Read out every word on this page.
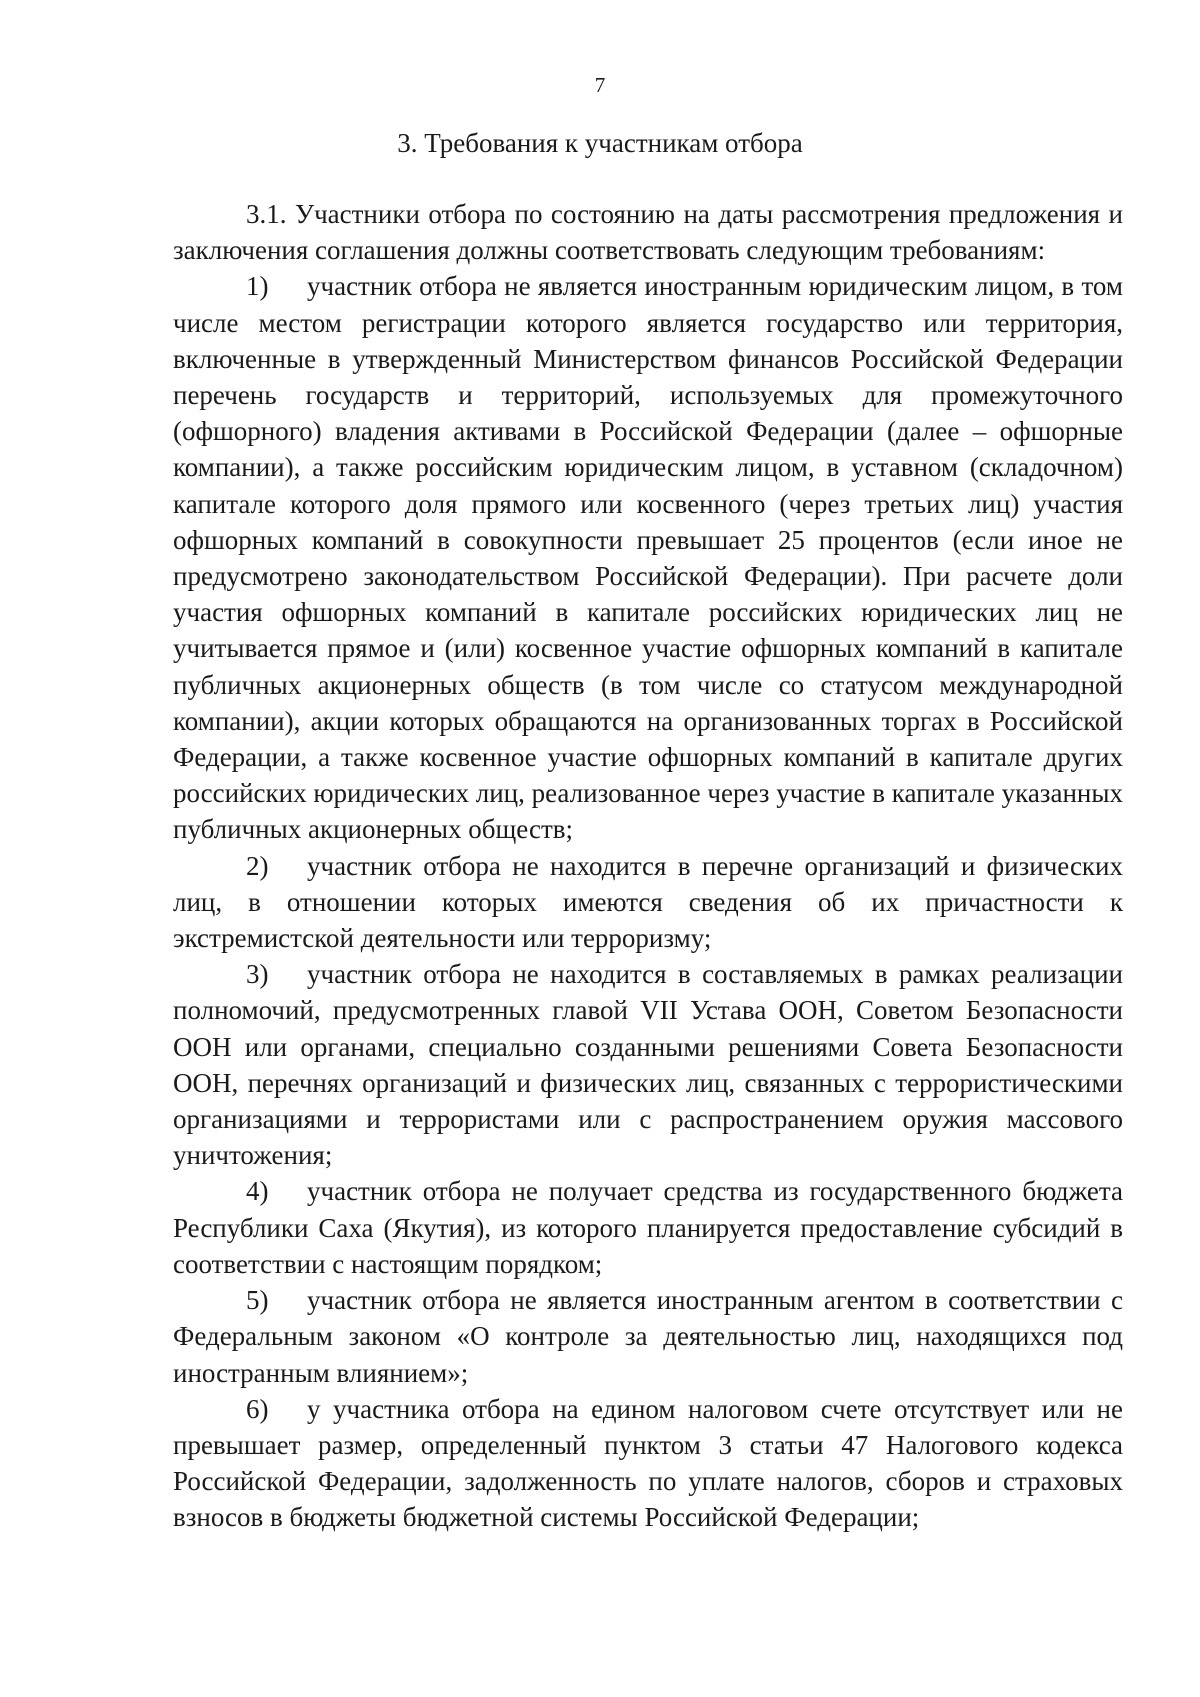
7
3. Требования к участникам отбора

3.1. Участники отбора по состоянию на даты рассмотрения предложения и заключения соглашения должны соответствовать следующим требованиям:

1) участник отбора не является иностранным юридическим лицом, в том числе местом регистрации которого является государство или территория, включенные в утвержденный Министерством финансов Российской Федерации перечень государств и территорий, используемых для промежуточного (офшорного) владения активами в Российской Федерации (далее – офшорные компании), а также российским юридическим лицом, в уставном (складочном) капитале которого доля прямого или косвенного (через третьих лиц) участия офшорных компаний в совокупности превышает 25 процентов (если иное не предусмотрено законодательством Российской Федерации). При расчете доли участия офшорных компаний в капитале российских юридических лиц не учитывается прямое и (или) косвенное участие офшорных компаний в капитале публичных акционерных обществ (в том числе со статусом международной компании), акции которых обращаются на организованных торгах в Российской Федерации, а также косвенное участие офшорных компаний в капитале других российских юридических лиц, реализованное через участие в капитале указанных публичных акционерных обществ;

2) участник отбора не находится в перечне организаций и физических лиц, в отношении которых имеются сведения об их причастности к экстремистской деятельности или терроризму;

3) участник отбора не находится в составляемых в рамках реализации полномочий, предусмотренных главой VII Устава ООН, Советом Безопасности ООН или органами, специально созданными решениями Совета Безопасности ООН, перечнях организаций и физических лиц, связанных с террористическими организациями и террористами или с распространением оружия массового уничтожения;

4) участник отбора не получает средства из государственного бюджета Республики Саха (Якутия), из которого планируется предоставление субсидий в соответствии с настоящим порядком;

5) участник отбора не является иностранным агентом в соответствии с Федеральным законом «О контроле за деятельностью лиц, находящихся под иностранным влиянием»;

6) у участника отбора на едином налоговом счете отсутствует или не превышает размер, определенный пунктом 3 статьи 47 Налогового кодекса Российской Федерации, задолженность по уплате налогов, сборов и страховых взносов в бюджеты бюджетной системы Российской Федерации;
